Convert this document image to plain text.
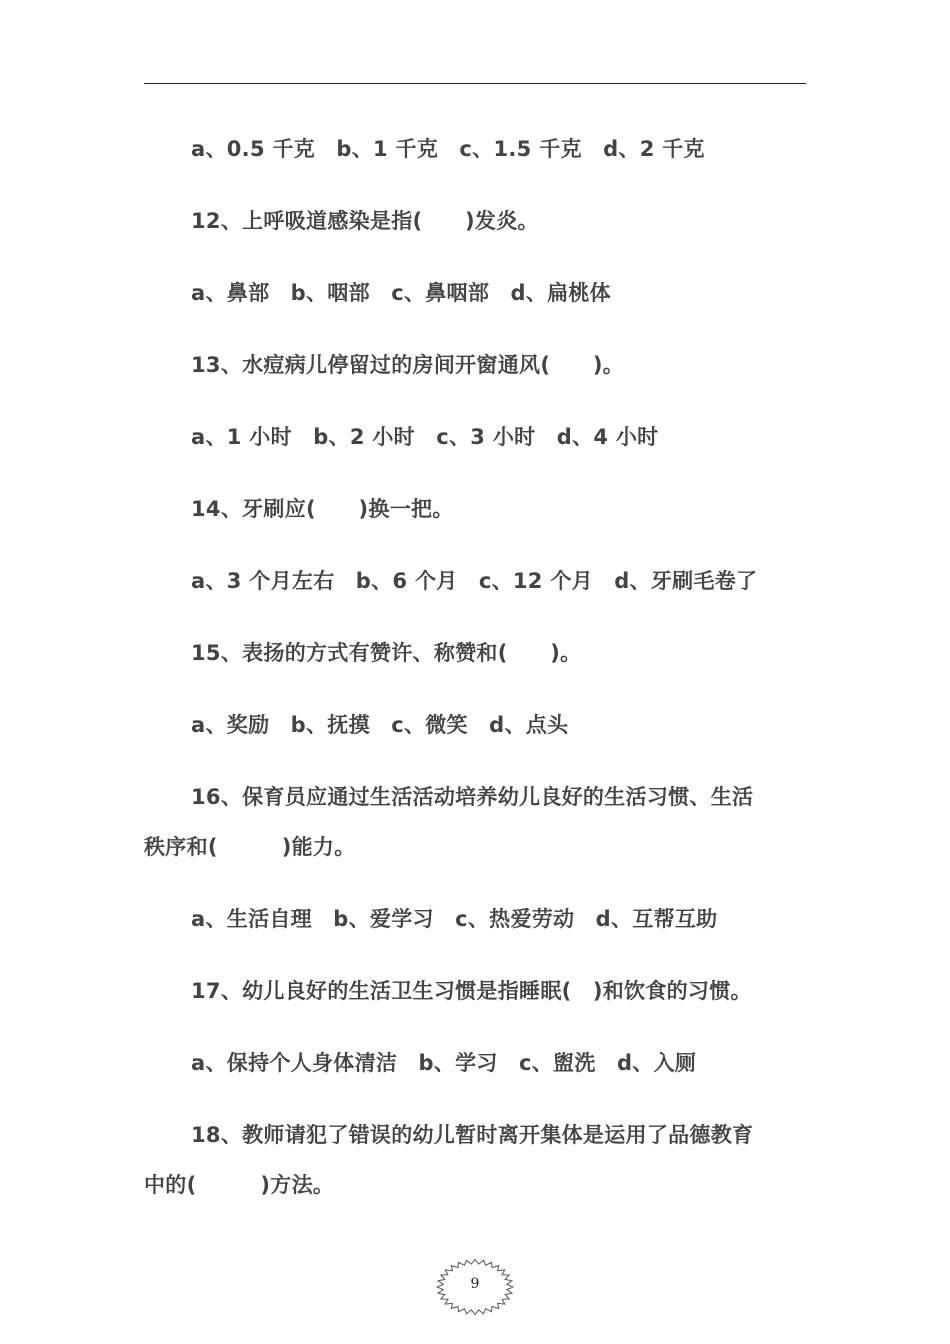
a、0.5 千克　b、1 千克　c、1.5 千克　d、2 千克
12、上呼吸道感染是指(　　)发炎。
a、鼻部　b、咽部　c、鼻咽部　d、扁桃体
13、水痘病儿停留过的房间开窗通风(　　)。
a、1 小时　b、2 小时　c、3 小时　d、4 小时
14、牙刷应(　　)换一把。
a、3 个月左右　b、6 个月　c、12 个月　d、牙刷毛卷了
15、表扬的方式有赞许、称赞和(　　)。
a、奖励　b、抚摸　c、微笑　d、点头
16、保育员应通过生活活动培养幼儿良好的生活习惯、生活
秩序和(　　　)能力。
a、生活自理　b、爱学习　c、热爱劳动　d、互帮互助
17、幼儿良好的生活卫生习惯是指睡眠(　)和饮食的习惯。
a、保持个人身体清洁　b、学习　c、盥洗　d、入厕
18、教师请犯了错误的幼儿暂时离开集体是运用了品德教育
中的(　　　)方法。
9
